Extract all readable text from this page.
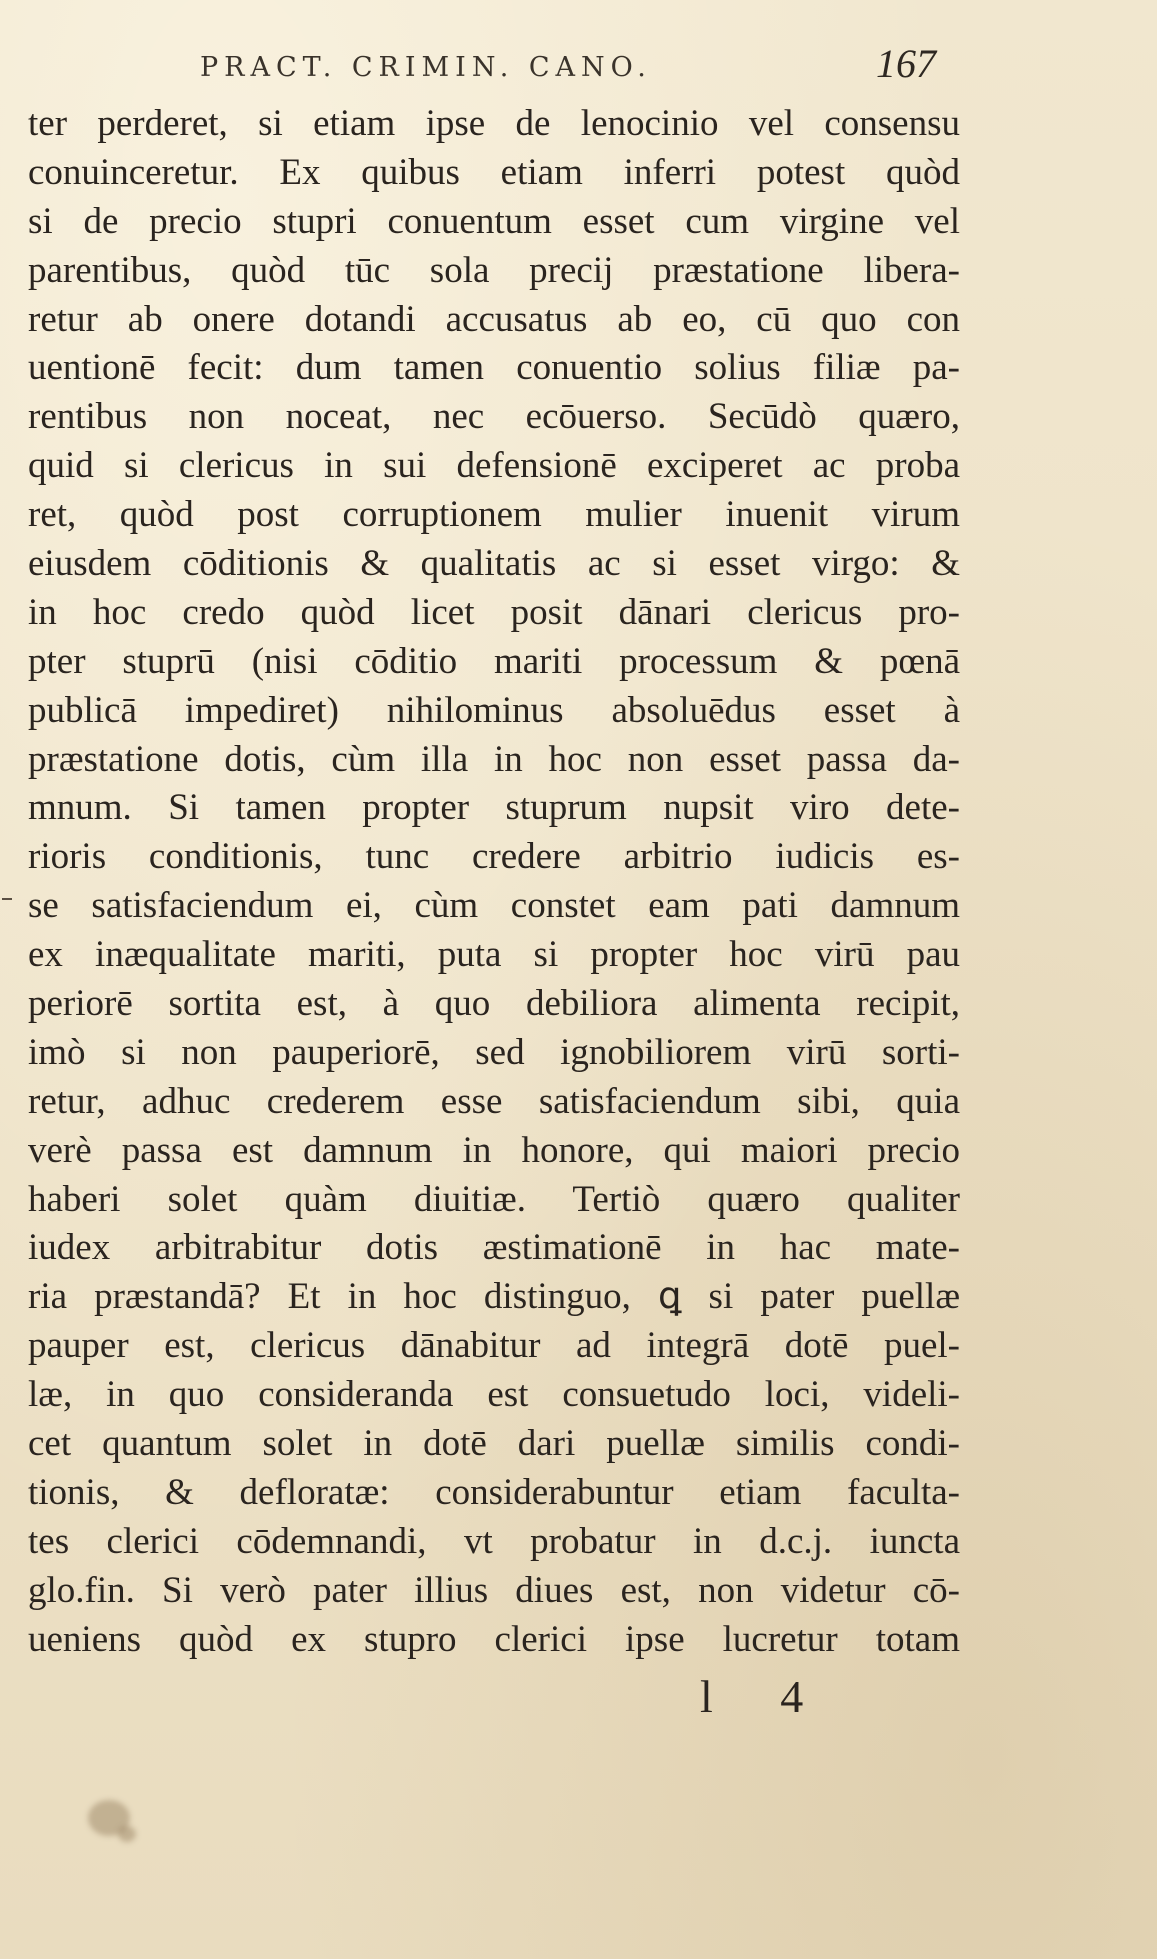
PRACT. CRIMIN. CANO.	167
ter perderet, si etiam ipse de lenocinio vel consensu
conuinceretur. Ex quibus etiam inferri potest quòd
si de precio stupri conuentum esset cum virgine vel
parentibus, quòd tūc sola precij præstatione libera-
retur ab onere dotandi accusatus ab eo, cū quo con
uentionē fecit: dum tamen conuentio solius filiæ pa-
rentibus non noceat, nec ecōuerso. Secūdò quæro,
quid si clericus in sui defensionē exciperet ac proba
ret, quòd post corruptionem mulier inuenit virum
eiusdem cōditionis & qualitatis ac si esset virgo: &
in hoc credo quòd licet posit dānari clericus pro-
pter stuprū (nisi cōditio mariti processum & pœnā
publicā impediret) nihilominus absoluēdus esset à
præstatione dotis, cùm illa in hoc non esset passa da-
mnum. Si tamen propter stuprum nupsit viro dete-
rioris conditionis, tunc credere arbitrio iudicis es-
se satisfaciendum ei, cùm constet eam pati damnum
ex inæqualitate mariti, puta si propter hoc virū pau
periorē sortita est, à quo debiliora alimenta recipit,
imò si non pauperiorē, sed ignobiliorem virū sorti-
retur, adhuc crederem esse satisfaciendum sibi, quia
verè passa est damnum in honore, qui maiori precio
haberi solet quàm diuitiæ. Tertiò quæro qualiter
iudex arbitrabitur dotis æstimationē in hac mate-
ria præstandā? Et in hoc distinguo, ꝗ si pater puellæ
pauper est, clericus dānabitur ad integrā dotē puel-
læ, in quo considerandа est consuetudo loci, videli-
cet quantum solet in dotē dari puellæ similis condi-
tionis, & defloratæ: considerabuntur etiam faculta-
tes clerici cōdemnandi, vt probatur in d.c.j. iuncta
glo.fin. Si verò pater illius diues est, non videtur cō-
ueniens quòd ex stupro clerici ipse lucretur totam
l 4
